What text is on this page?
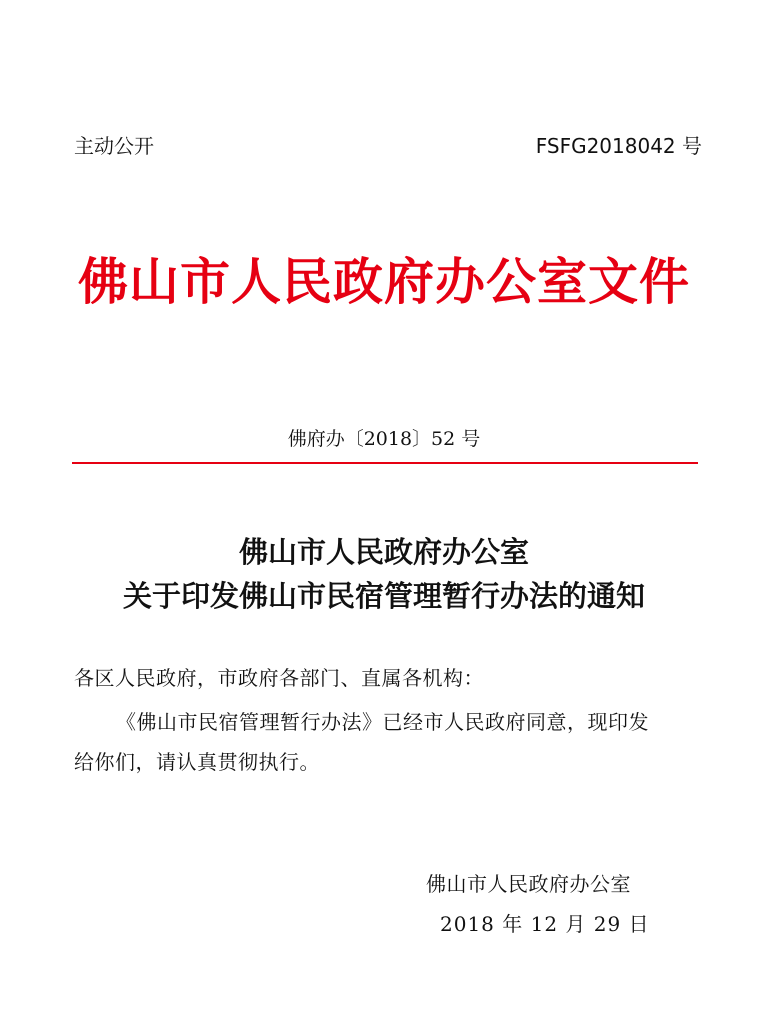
主动公开	FSFG2018042 号
佛山市人民政府办公室文件
佛府办〔2018〕52 号
佛山市人民政府办公室
关于印发佛山市民宿管理暂行办法的通知
各区人民政府，市政府各部门、直属各机构：
《佛山市民宿管理暂行办法》已经市人民政府同意，现印发
给你们，请认真贯彻执行。
佛山市人民政府办公室
2018 年 12 月 29 日
